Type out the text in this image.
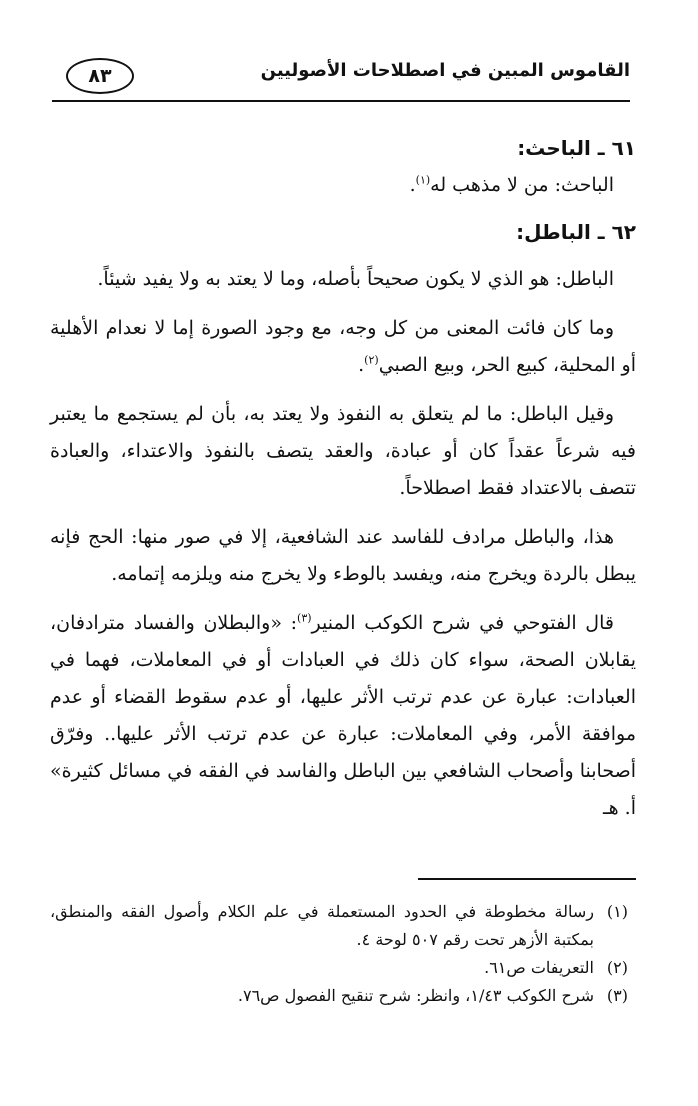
القاموس المبين في اصطلاحات الأصوليين
٨٣
٦١ ـ الباحث:

الباحث: من لا مذهب له$^{(١)}$.

٦٢ ـ الباطل:

الباطل: هو الذي لا يكون صحيحاً بأصله، وما لا يعتد به ولا يفيد شيئاً.

وما كان فائت المعنى من كل وجه، مع وجود الصورة إما لا نعدام الأهلية أو المحلية، كبيع الحر، وبيع الصبي$^{(٢)}$.

وقيل الباطل: ما لم يتعلق به النفوذ ولا يعتد به، بأن لم يستجمع ما يعتبر فيه شرعاً عقداً كان أو عبادة، والعقد يتصف بالنفوذ والاعتداء، والعبادة تتصف بالاعتداد فقط اصطلاحاً.

هذا، والباطل مرادف للفاسد عند الشافعية، إلا في صور منها: الحج فإنه يبطل بالردة ويخرج منه، ويفسد بالوطء ولا يخرج منه ويلزمه إتمامه.

قال الفتوحي في شرح الكوكب المنير$^{(٣)}$: «والبطلان والفساد مترادفان، يقابلان الصحة، سواء كان ذلك في العبادات أو في المعاملات، فهما في العبادات: عبارة عن عدم ترتب الأثر عليها، أو عدم سقوط القضاء أو عدم موافقة الأمر، وفي المعاملات: عبارة عن عدم ترتب الأثر عليها.. وفرّق أصحابنا وأصحاب الشافعي بين الباطل والفاسد في الفقه في مسائل كثيرة» أ. هـ

(١)
رسالة مخطوطة في الحدود المستعملة في علم الكلام وأصول الفقه والمنطق، بمكتبة الأزهر تحت رقم ٥٠٧ لوحة ٤.
(٢)
التعريفات ص٦١.
(٣)
شرح الكوكب ١/٤٣، وانظر: شرح تنقيح الفصول ص٧٦.
